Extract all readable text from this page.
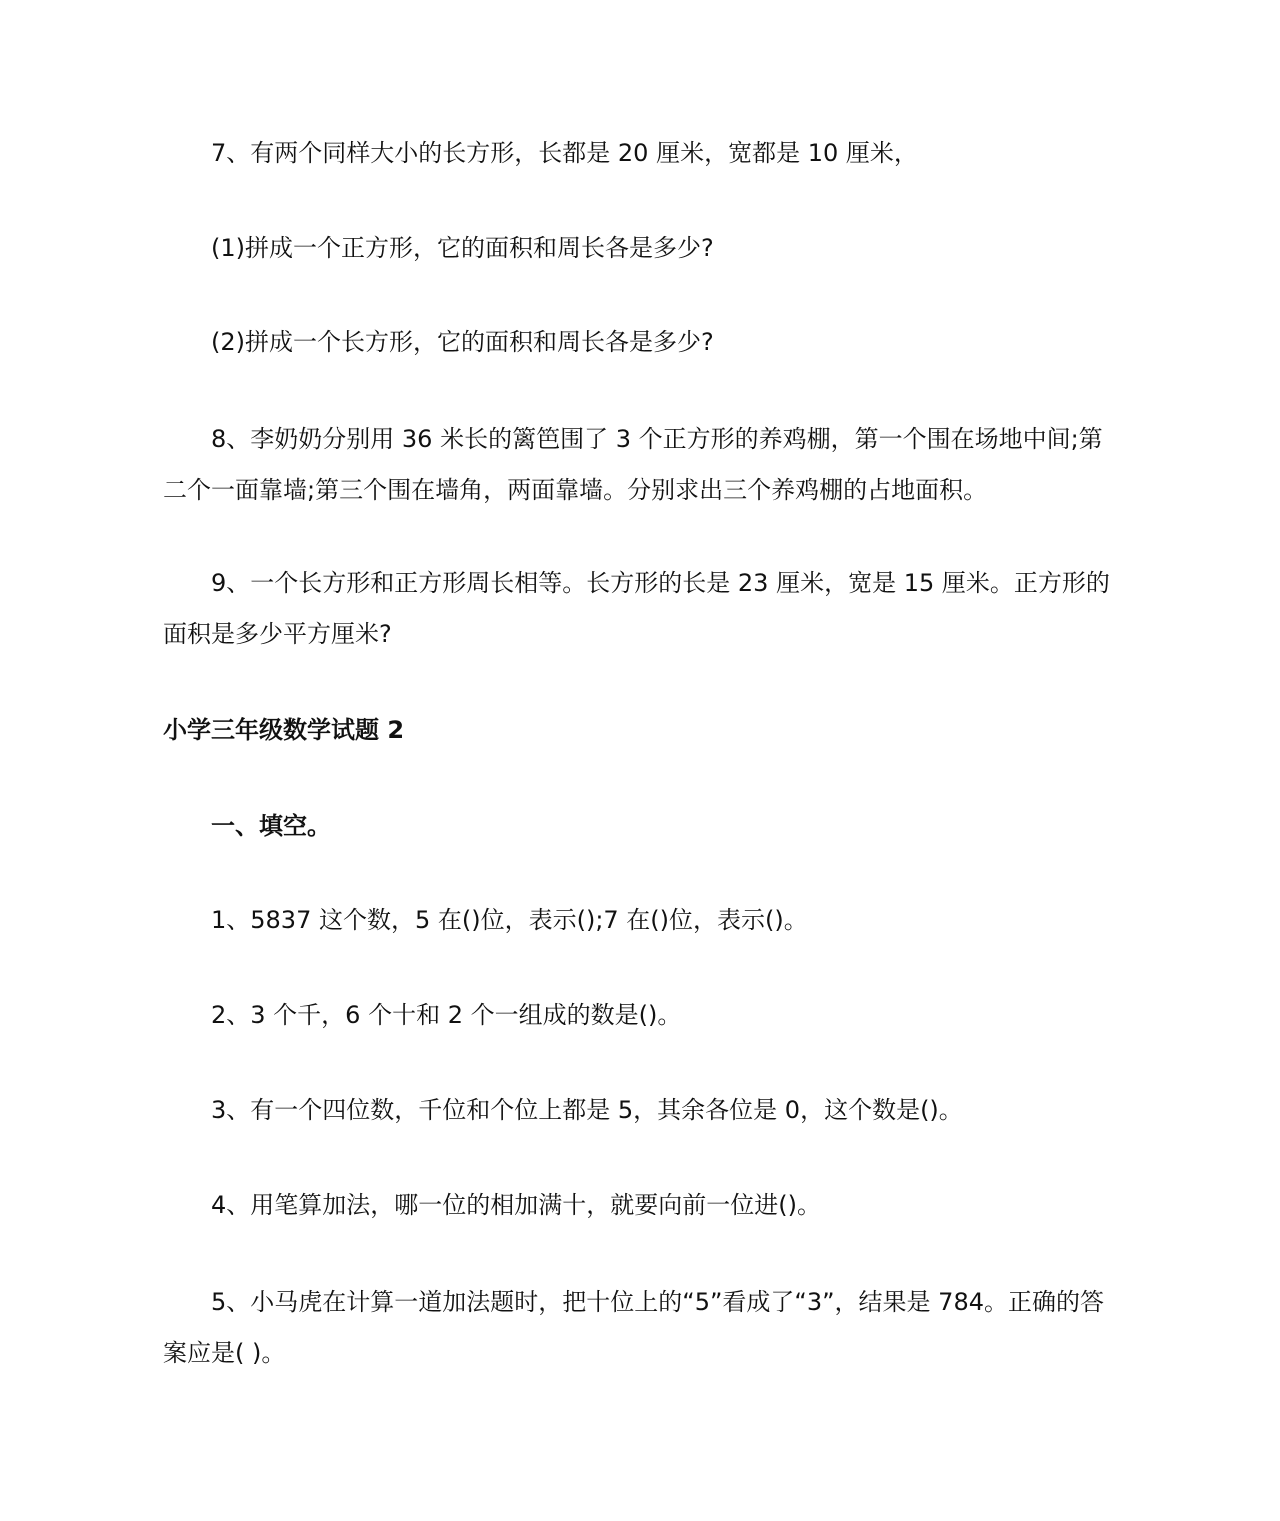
7、有两个同样大小的长方形，长都是 20 厘米，宽都是 10 厘米，

(1)拼成一个正方形，它的面积和周长各是多少?

(2)拼成一个长方形，它的面积和周长各是多少?

8、李奶奶分别用 36 米长的篱笆围了 3 个正方形的养鸡棚，第一个围在场地中间;第二个一面靠墙;第三个围在墙角，两面靠墙。分别求出三个养鸡棚的占地面积。

9、一个长方形和正方形周长相等。长方形的长是 23 厘米，宽是 15 厘米。正方形的面积是多少平方厘米?

小学三年级数学试题 2

一、填空。

1、5837 这个数，5 在()位，表示();7 在()位，表示()。

2、3 个千，6 个十和 2 个一组成的数是()。

3、有一个四位数，千位和个位上都是 5，其余各位是 0，这个数是()。

4、用笔算加法，哪一位的相加满十，就要向前一位进()。

5、小马虎在计算一道加法题时，把十位上的“5”看成了“3”，结果是 784。正确的答案应是( )。
